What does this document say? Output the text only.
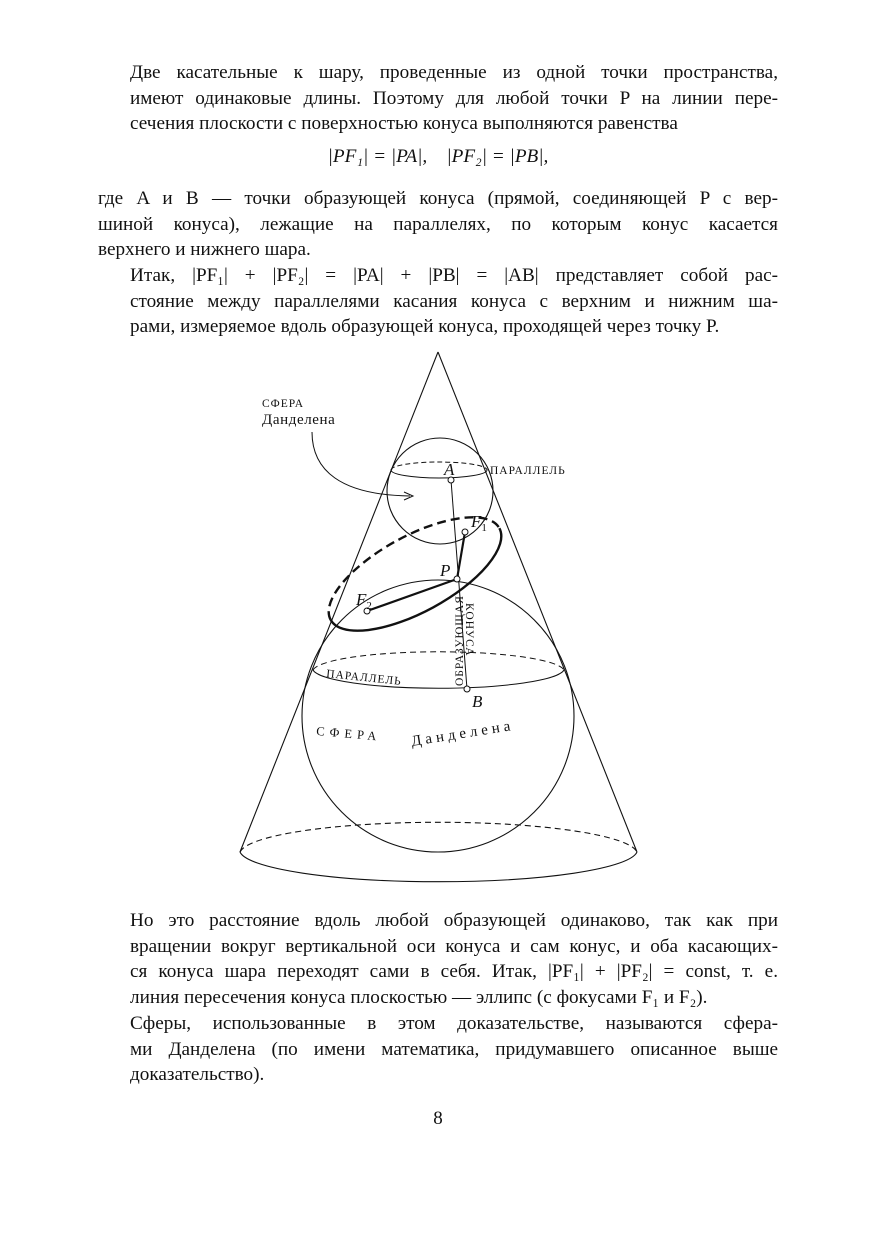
Две касательные к шару, проведенные из одной точки пространства,
имеют одинаковые длины. Поэтому для любой точки P на линии пере-
сечения плоскости с поверхностью конуса выполняются равенства

|PF₁| = |PA|,    |PF₂| = |PB|,

где A и B — точки образующей конуса (прямой, соединяющей P с вер-
шиной конуса), лежащие на параллелях, по которым конус касается
верхнего и нижнего шара.

Итак, |PF₁| + |PF₂| = |PA| + |PB| = |AB| представляет собой рас-
стояние между параллелями касания конуса с верхним и нижним ша-
рами, измеряемое вдоль образующей конуса, проходящей через точку P.

A
B
P
$F_1$
$F_2$
СФЕРА
Данделена
ПАРАЛЛЕЛЬ
ПАРАЛЛЕЛЬ	ОБРАЗУЮЩАЯ
КОНУСА
СФЕРА Данделена

Но это расстояние вдоль любой образующей одинаково, так как при
вращении вокруг вертикальной оси конуса и сам конус, и оба касающих-
ся конуса шара переходят сами в себя. Итак, |PF₁| + |PF₂| = const, т. е.
линия пересечения конуса плоскостью — эллипс (с фокусами F₁ и F₂).

Сферы, использованные в этом доказательстве, называются сфера-
ми Данделена (по имени математика, придумавшего описанное выше
доказательство).

8
